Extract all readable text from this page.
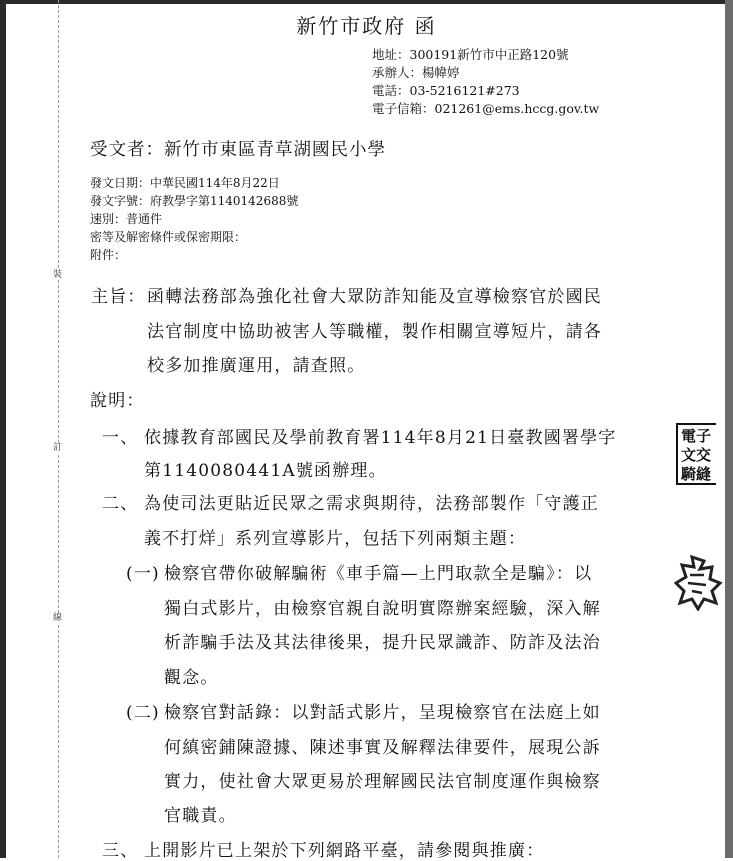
裝
訂
線
新竹市政府 函
地址：300191新竹市中正路120號
承辦人：楊幃婷
電話：03-5216121#273
電子信箱：021261@ems.hccg.gov.tw
受文者：新竹市東區青草湖國民小學
發文日期：中華民國114年8月22日
發文字號：府教學字第1140142688號
速別：普通件
密等及解密條件或保密期限：
附件：
主旨： 函轉法務部為強化社會大眾防詐知能及宣導檢察官於國民
法官制度中協助被害人等職權，製作相關宣導短片，請各
校多加推廣運用，請查照。
說明：
一、 依據教育部國民及學前教育署114年8月21日臺教國署學字
第1140080441A號函辦理。
二、 為使司法更貼近民眾之需求與期待，法務部製作「守護正
義不打烊」系列宣導影片，包括下列兩類主題：
(一) 檢察官帶你破解騙術《車手篇—上門取款全是騙》：以
獨白式影片，由檢察官親自說明實際辦案經驗，深入解
析詐騙手法及其法律後果，提升民眾識詐、防詐及法治
觀念。
(二) 檢察官對話錄：以對話式影片，呈現檢察官在法庭上如
何縝密鋪陳證據、陳述事實及解釋法律要件，展現公訴
實力，使社會大眾更易於理解國民法官制度運作與檢察
官職責。
三、 上開影片已上架於下列網路平臺，請參閱與推廣：
電子
文交
騎縫
